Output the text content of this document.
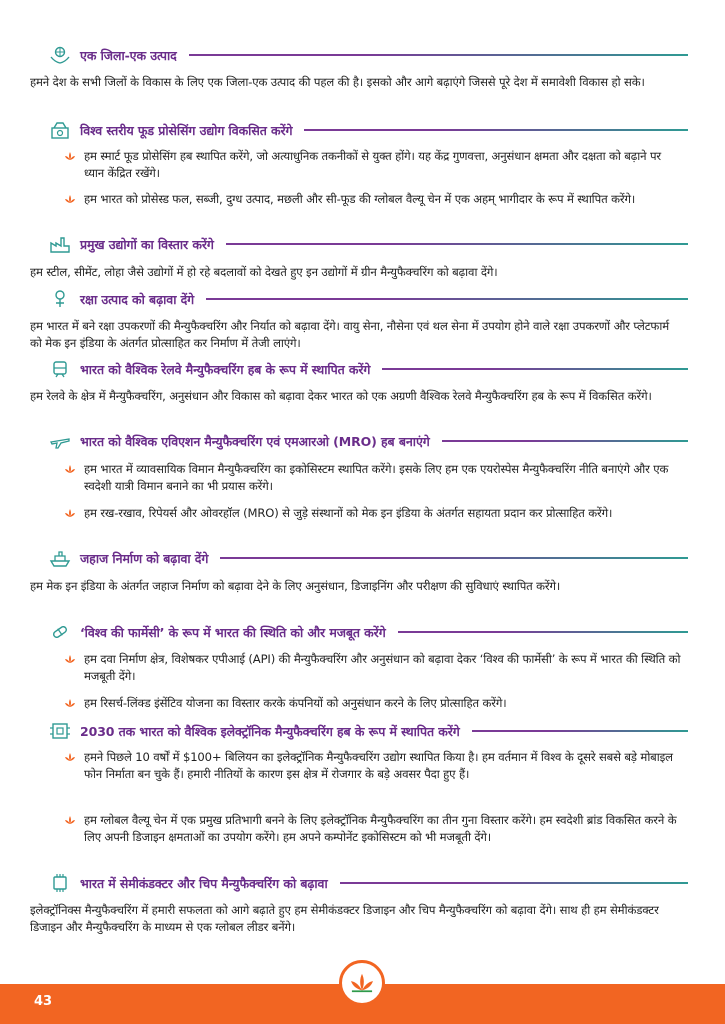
एक जिला-एक उत्पाद
हमने देश के सभी जिलों के विकास के लिए एक जिला-एक उत्पाद की पहल की है। इसको और आगे बढ़ाएंगे जिससे पूरे देश में समावेशी विकास हो सके।
विश्व स्तरीय फूड प्रोसेसिंग उद्योग विकसित करेंगे
हम स्मार्ट फूड प्रोसेसिंग हब स्थापित करेंगे, जो अत्याधुनिक तकनीकों से युक्त होंगे। यह केंद्र गुणवत्ता, अनुसंधान क्षमता और दक्षता को बढ़ाने पर ध्यान केंद्रित रखेंगे।
हम भारत को प्रोसेस्ड फल, सब्जी, दुग्ध उत्पाद, मछली और सी-फूड की ग्लोबल वैल्यू चेन में एक अहम् भागीदार के रूप में स्थापित करेंगे।
प्रमुख उद्योगों का विस्तार करेंगे
हम स्टील, सीमेंट, लोहा जैसे उद्योगों में हो रहे बदलावों को देखते हुए इन उद्योगों में ग्रीन मैन्युफैक्चरिंग को बढ़ावा देंगे।
रक्षा उत्पाद को बढ़ावा देंगे
हम भारत में बने रक्षा उपकरणों की मैन्युफैक्चरिंग और निर्यात को बढ़ावा देंगे। वायु सेना, नौसेना एवं थल सेना में उपयोग होने वाले रक्षा उपकरणों और प्लेटफार्म को मेक इन इंडिया के अंतर्गत प्रोत्साहित कर निर्माण में तेजी लाएंगे।
भारत को वैश्विक रेलवे मैन्युफैक्चरिंग हब के रूप में स्थापित करेंगे
हम रेलवे के क्षेत्र में मैन्युफैक्चरिंग, अनुसंधान और विकास को बढ़ावा देकर भारत को एक अग्रणी वैश्विक रेलवे मैन्युफैक्चरिंग हब के रूप में विकसित करेंगे।
भारत को वैश्विक एविएशन मैन्युफैक्चरिंग एवं एमआरओ (MRO) हब बनाएंगे
हम भारत में व्यावसायिक विमान मैन्युफैक्चरिंग का इकोसिस्टम स्थापित करेंगे। इसके लिए हम एक एयरोस्पेस मैन्युफैक्चरिंग नीति बनाएंगे और एक स्वदेशी यात्री विमान बनाने का भी प्रयास करेंगे।
हम रख-रखाव, रिपेयर्स और ओवरहॉल (MRO) से जुड़े संस्थानों को मेक इन इंडिया के अंतर्गत सहायता प्रदान कर प्रोत्साहित करेंगे।
जहाज निर्माण को बढ़ावा देंगे
हम मेक इन इंडिया के अंतर्गत जहाज निर्माण को बढ़ावा देने के लिए अनुसंधान, डिजाइनिंग और परीक्षण की सुविधाएं स्थापित करेंगे।
‘विश्व की फार्मेसी’ के रूप में भारत की स्थिति को और मजबूत करेंगे
हम दवा निर्माण क्षेत्र, विशेषकर एपीआई (API) की मैन्युफैक्चरिंग और अनुसंधान को बढ़ावा देकर ‘विश्व की फार्मेसी’ के रूप में भारत की स्थिति को मजबूती देंगे।
हम रिसर्च-लिंक्ड इंसेंटिव योजना का विस्तार करके कंपनियों को अनुसंधान करने के लिए प्रोत्साहित करेंगे।
2030 तक भारत को वैश्विक इलेक्ट्रॉनिक मैन्युफैक्चरिंग हब के रूप में स्थापित करेंगे
हमने पिछले 10 वर्षों में $100+ बिलियन का इलेक्ट्रॉनिक मैन्युफैक्चरिंग उद्योग स्थापित किया है। हम वर्तमान में विश्व के दूसरे सबसे बड़े मोबाइल फोन निर्माता बन चुके हैं। हमारी नीतियों के कारण इस क्षेत्र में रोजगार के बड़े अवसर पैदा हुए हैं।
हम ग्लोबल वैल्यू चेन में एक प्रमुख प्रतिभागी बनने के लिए इलेक्ट्रॉनिक मैन्युफैक्चरिंग का तीन गुना विस्तार करेंगे। हम स्वदेशी ब्रांड विकसित करने के लिए अपनी डिजाइन क्षमताओं का उपयोग करेंगे। हम अपने कम्पोनेंट इकोसिस्टम को भी मजबूती देंगे।
भारत में सेमीकंडक्टर और चिप मैन्युफैक्चरिंग को बढ़ावा
इलेक्ट्रॉनिक्स मैन्युफैक्चरिंग में हमारी सफलता को आगे बढ़ाते हुए हम सेमीकंडक्टर डिजाइन और चिप मैन्युफैक्चरिंग को बढ़ावा देंगे। साथ ही हम सेमीकंडक्टर डिजाइन और मैन्युफैक्चरिंग के माध्यम से एक ग्लोबल लीडर बनेंगे।
43
